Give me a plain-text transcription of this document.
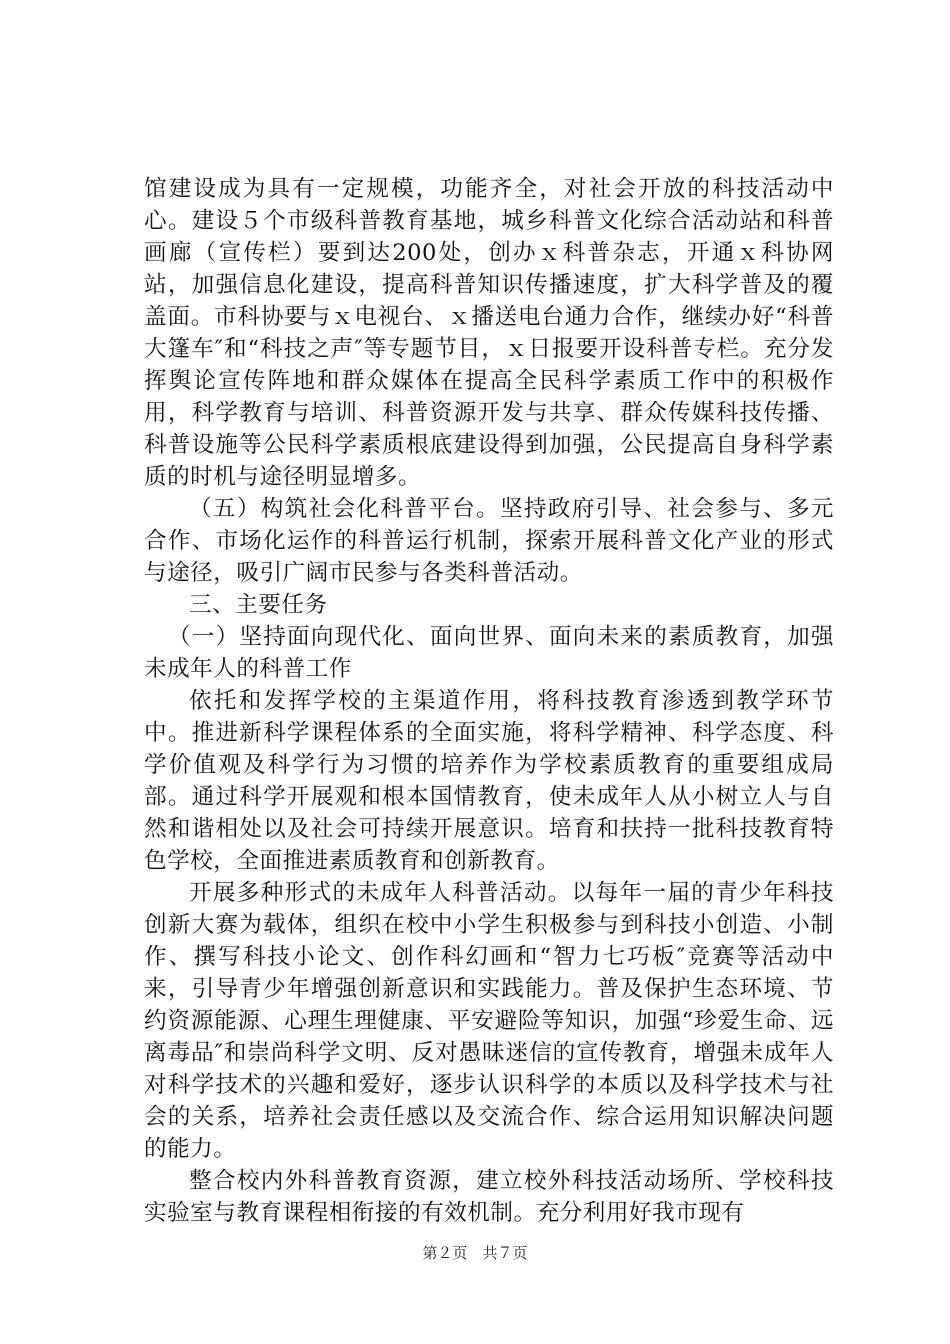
馆建设成为具有一定规模，功能齐全，对社会开放的科技活动中心。建设５个市级科普教育基地，城乡科普文化综合活动站和科普画廊（宣传栏）要到达200处，创办ｘ科普杂志，开通ｘ科协网站，加强信息化建设，提高科普知识传播速度，扩大科学普及的覆盖面。市科协要与ｘ电视台、ｘ播送电台通力合作，继续办好“科普大篷车″和“科技之声″等专题节目，ｘ日报要开设科普专栏。充分发挥舆论宣传阵地和群众媒体在提高全民科学素质工作中的积极作用，科学教育与培训、科普资源开发与共享、群众传媒科技传播、科普设施等公民科学素质根底建设得到加强，公民提高自身科学素质的时机与途径明显增多。

（五）构筑社会化科普平台。坚持政府引导、社会参与、多元合作、市场化运作的科普运行机制，探索开展科普文化产业的形式与途径，吸引广阔市民参与各类科普活动。

三、主要任务

（一）坚持面向现代化、面向世界、面向未来的素质教育，加强未成年人的科普工作

依托和发挥学校的主渠道作用，将科技教育渗透到教学环节中。推进新科学课程体系的全面实施，将科学精神、科学态度、科学价值观及科学行为习惯的培养作为学校素质教育的重要组成局部。通过科学开展观和根本国情教育，使未成年人从小树立人与自然和谐相处以及社会可持续开展意识。培育和扶持一批科技教育特色学校，全面推进素质教育和创新教育。

开展多种形式的未成年人科普活动。以每年一届的青少年科技创新大赛为载体，组织在校中小学生积极参与到科技小创造、小制作、撰写科技小论文、创作科幻画和“智力七巧板″竞赛等活动中来，引导青少年增强创新意识和实践能力。普及保护生态环境、节约资源能源、心理生理健康、平安避险等知识，加强“珍爱生命、远离毒品″和崇尚科学文明、反对愚昧迷信的宣传教育，增强未成年人对科学技术的兴趣和爱好，逐步认识科学的本质以及科学技术与社会的关系，培养社会责任感以及交流合作、综合运用知识解决问题的能力。

整合校内外科普教育资源，建立校外科技活动场所、学校科技实验室与教育课程相衔接的有效机制。充分利用好我市现有

第２页　共７页
